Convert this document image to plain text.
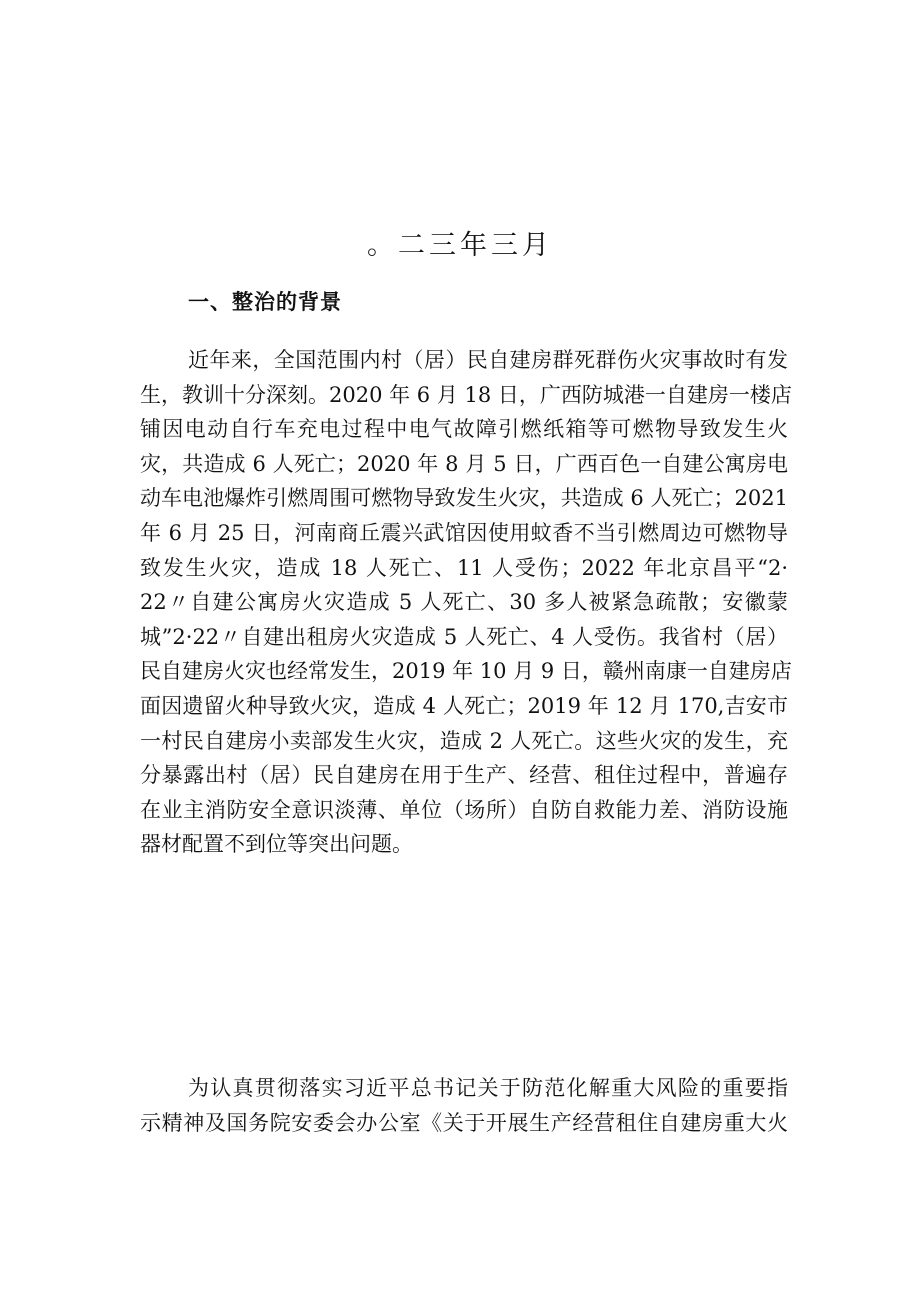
。二三年三月
一、整治的背景
近年来，全国范围内村（居）民自建房群死群伤火灾事故时有发
生，教训十分深刻。2020 年 6 月 18 日，广西防城港一自建房一楼店
铺因电动自行车充电过程中电气故障引燃纸箱等可燃物导致发生火
灾，共造成 6 人死亡；2020 年 8 月 5 日，广西百色一自建公寓房电
动车电池爆炸引燃周围可燃物导致发生火灾，共造成 6 人死亡；2021
年 6 月 25 日，河南商丘震兴武馆因使用蚊香不当引燃周边可燃物导
致发生火灾，造成 18 人死亡、11 人受伤；2022 年北京昌平“2·
22〃自建公寓房火灾造成 5 人死亡、30 多人被紧急疏散；安徽蒙
城”2·22〃自建出租房火灾造成 5 人死亡、4 人受伤。我省村（居）
民自建房火灾也经常发生，2019 年 10 月 9 日，赣州南康一自建房店
面因遗留火种导致火灾，造成 4 人死亡；2019 年 12 月 170,吉安市
一村民自建房小卖部发生火灾，造成 2 人死亡。这些火灾的发生，充
分暴露出村（居）民自建房在用于生产、经营、租住过程中，普遍存
在业主消防安全意识淡薄、单位（场所）自防自救能力差、消防设施
器材配置不到位等突出问题。
为认真贯彻落实习近平总书记关于防范化解重大风险的重要指
示精神及国务院安委会办公室《关于开展生产经营租住自建房重大火
